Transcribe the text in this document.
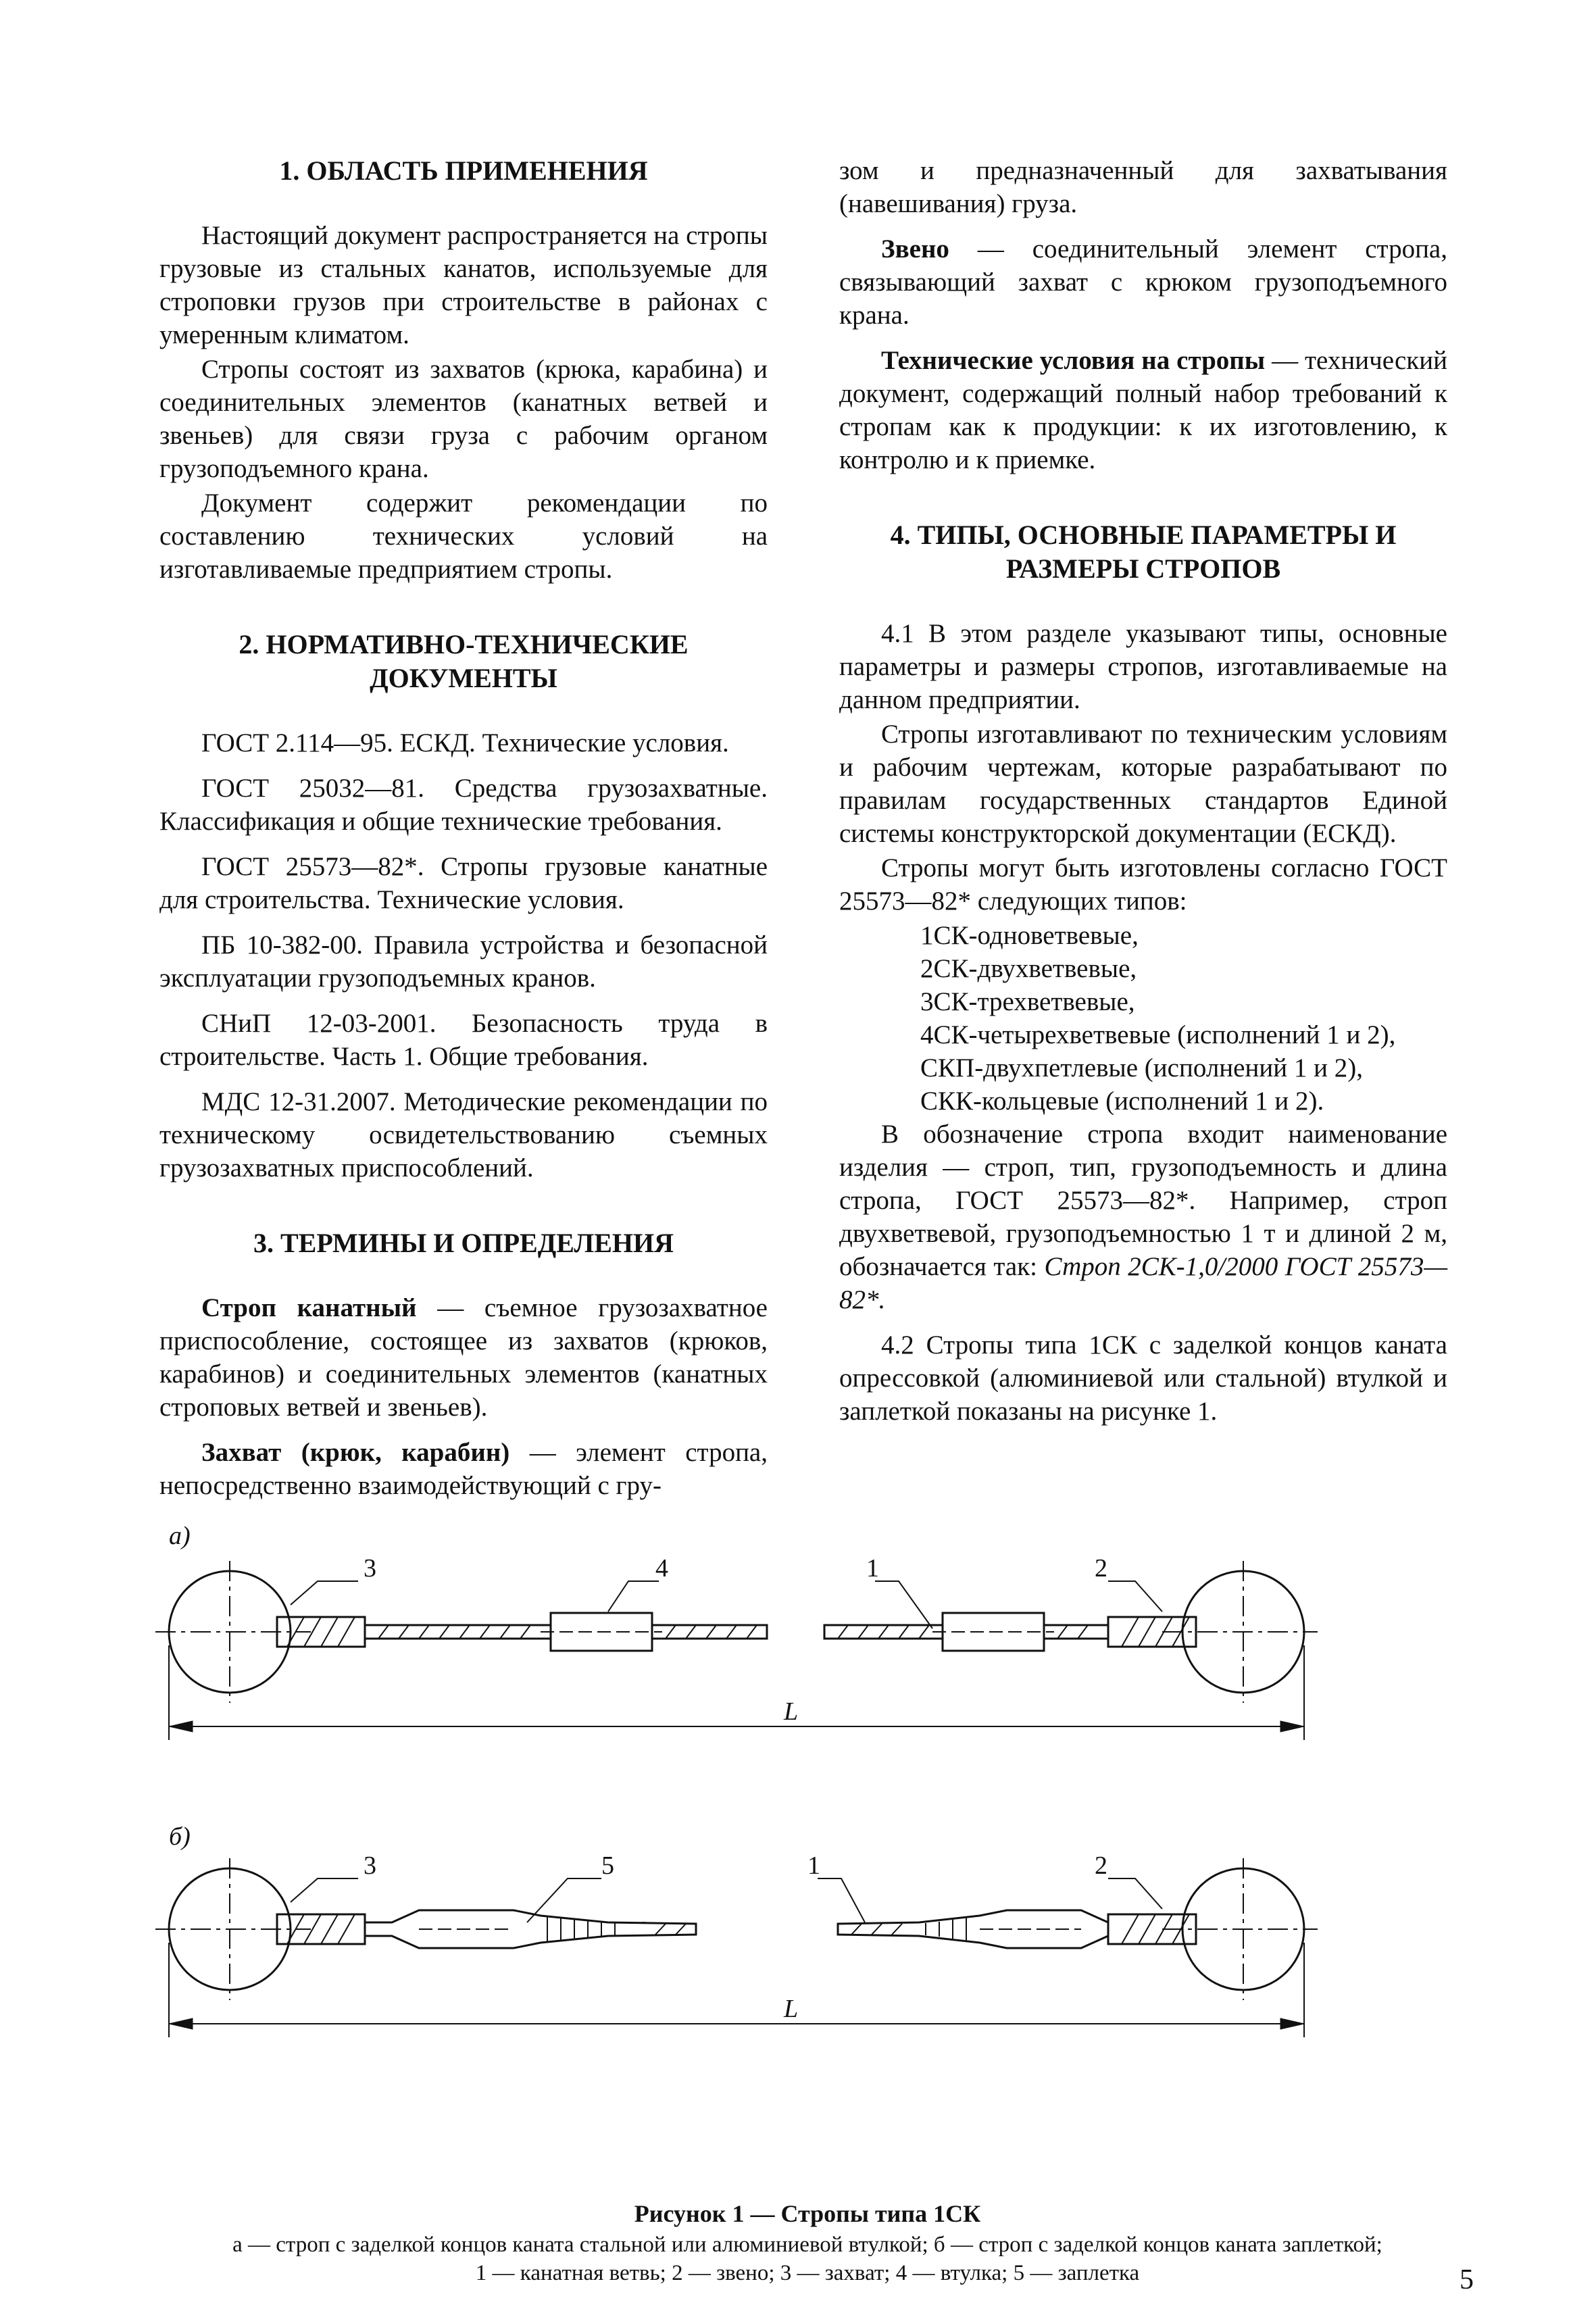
1. ОБЛАСТЬ ПРИМЕНЕНИЯ

Настоящий документ распространяется на стропы грузовые из стальных канатов, используемые для строповки грузов при строительстве в районах с умеренным климатом.

Стропы состоят из захватов (крюка, карабина) и соединительных элементов (канатных ветвей и звеньев) для связи груза с рабочим органом грузоподъемного крана.

Документ содержит рекомендации по составлению технических условий на изготавливаемые предприятием стропы.

2. НОРМАТИВНО-ТЕХНИЧЕСКИЕ ДОКУМЕНТЫ

ГОСТ 2.114—95. ЕСКД. Технические условия.

ГОСТ 25032—81. Средства грузозахватные. Классификация и общие технические требования.

ГОСТ 25573—82*. Стропы грузовые канатные для строительства. Технические условия.

ПБ 10-382-00. Правила устройства и безопасной эксплуатации грузоподъемных кранов.

СНиП 12-03-2001. Безопасность труда в строительстве. Часть 1. Общие требования.

МДС 12-31.2007. Методические рекомендации по техническому освидетельствованию съемных грузозахватных приспособлений.

3. ТЕРМИНЫ И ОПРЕДЕЛЕНИЯ

Строп канатный — съемное грузозахватное приспособление, состоящее из захватов (крюков, карабинов) и соединительных элементов (канатных строповых ветвей и звеньев).

Захват (крюк, карабин) — элемент стропа, непосредственно взаимодействующий с гру-

зом и предназначенный для захватывания (навешивания) груза.

Звено — соединительный элемент стропа, связывающий захват с крюком грузоподъемного крана.

Технические условия на стропы — технический документ, содержащий полный набор требований к стропам как к продукции: к их изготовлению, к контролю и к приемке.

4. ТИПЫ, ОСНОВНЫЕ ПАРАМЕТРЫ И РАЗМЕРЫ СТРОПОВ

4.1 В этом разделе указывают типы, основные параметры и размеры стропов, изготавливаемые на данном предприятии.

Стропы изготавливают по техническим условиям и рабочим чертежам, которые разрабатывают по правилам государственных стандартов Единой системы конструкторской документации (ЕСКД).

Стропы могут быть изготовлены согласно ГОСТ 25573—82* следующих типов:

1СК-одноветвевые,

2СК-двухветвевые,

3СК-трехветвевые,

4СК-четырехветвевые (исполнений 1 и 2),

СКП-двухпетлевые (исполнений 1 и 2),

СКК-кольцевые (исполнений 1 и 2).

В обозначение стропа входит наименование изделия — строп, тип, грузоподъемность и длина стропа, ГОСТ 25573—82*. Например, строп двухветвевой, грузоподъемностью 1 т и длиной 2 м, обозначается так: Строп 2СК-1,0/2000 ГОСТ 25573—82*.

4.2 Стропы типа 1СК с заделкой концов каната опрессовкой (алюминиевой или стальной) втулкой и заплеткой показаны на рисунке 1.

а)
3	4	1	2
L
б)
3	5	1	2
L
Рисунок 1 — Стропы типа 1СК
а — строп с заделкой концов каната стальной или алюминиевой втулкой; б — строп с заделкой концов каната заплеткой;
1 — канатная ветвь; 2 — звено; 3 — захват; 4 — втулка; 5 — заплетка	5
